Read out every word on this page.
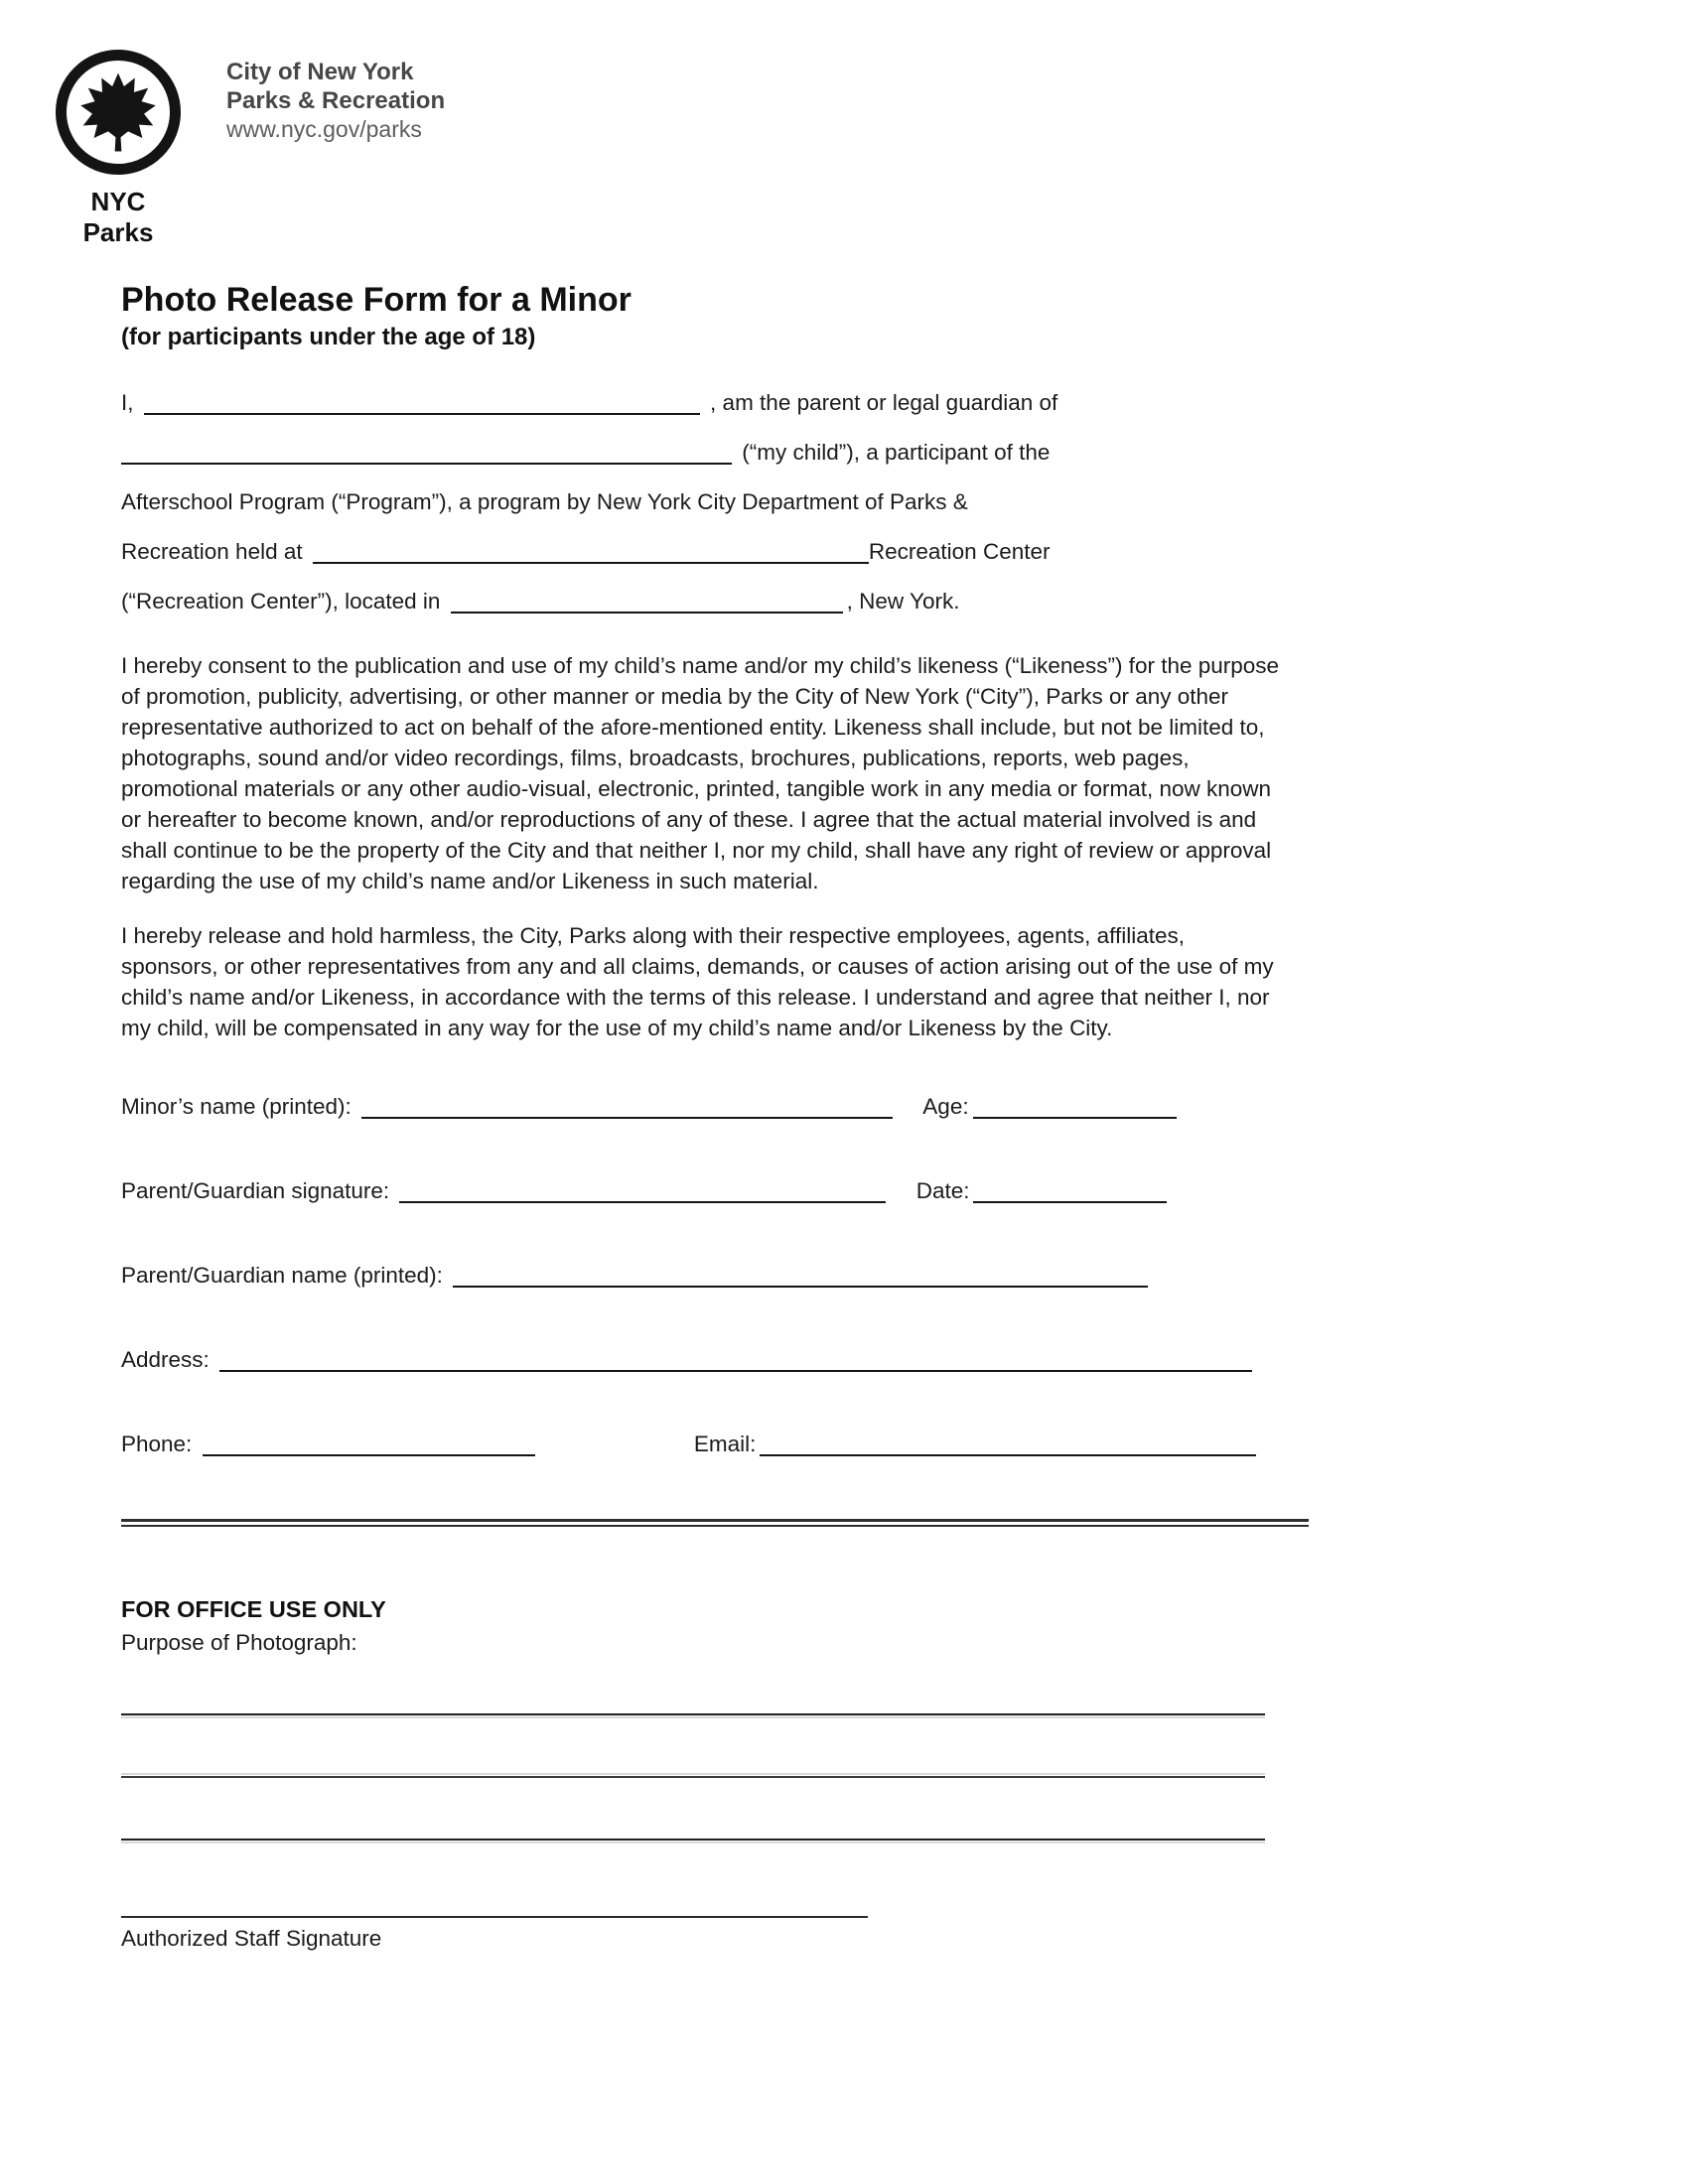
NYC Parks
City of New York
Parks & Recreation
www.nyc.gov/parks
Photo Release Form for a Minor
(for participants under the age of 18)
I,	, am the parent or legal guardian of
(“my child”), a participant of the
Afterschool Program (“Program”), a program by New York City Department of Parks &
Recreation held at	Recreation Center
(“Recreation Center”), located in	, New York.

I hereby consent to the publication and use of my child’s name and/or my child’s likeness (“Likeness”) for the purpose of promotion, publicity, advertising, or other manner or media by the City of New York (“City”), Parks or any other representative authorized to act on behalf of the afore-mentioned entity. Likeness shall include, but not be limited to, photographs, sound and/or video recordings, films, broadcasts, brochures, publications, reports, web pages, promotional materials or any other audio-visual, electronic, printed, tangible work in any media or format, now known or hereafter to become known, and/or reproductions of any of these. I agree that the actual material involved is and shall continue to be the property of the City and that neither I, nor my child, shall have any right of review or approval regarding the use of my child’s name and/or Likeness in such material.

I hereby release and hold harmless, the City, Parks along with their respective employees, agents, affiliates, sponsors, or other representatives from any and all claims, demands, or causes of action arising out of the use of my child’s name and/or Likeness, in accordance with the terms of this release. I understand and agree that neither I, nor my child, will be compensated in any way for the use of my child’s name and/or Likeness by the City.

Minor’s name (printed):	Age:
Parent/Guardian signature:	Date:
Parent/Guardian name (printed):
Address:
Phone:	Email:
FOR OFFICE USE ONLY
Purpose of Photograph:
Authorized Staff Signature
